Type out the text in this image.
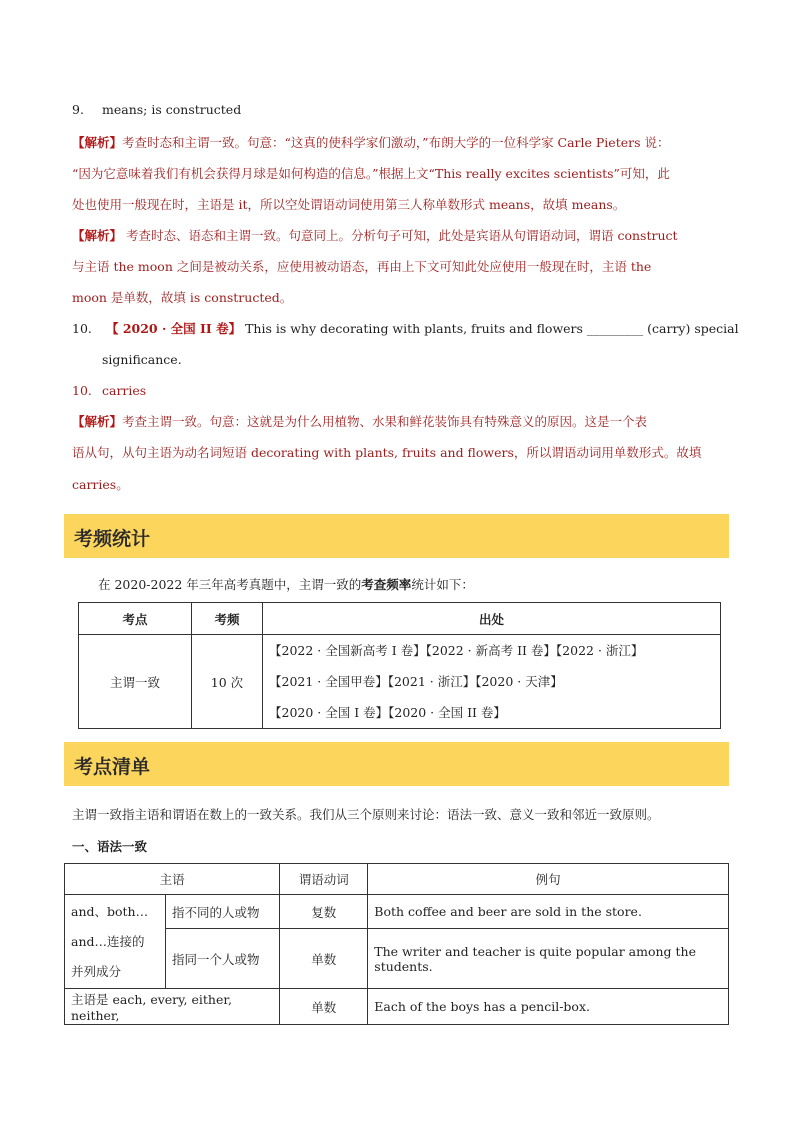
9. means; is constructed
【解析】考查时态和主谓一致。句意：“这真的使科学家们激动，”布朗大学的一位科学家 Carle Pieters 说：
“因为它意味着我们有机会获得月球是如何构造的信息。”根据上文“This really excites scientists”可知，此
处也使用一般现在时，主语是 it，所以空处谓语动词使用第三人称单数形式 means，故填 means。
【解析】 考查时态、语态和主谓一致。句意同上。分析句子可知，此处是宾语从句谓语动词，谓语 construct
与主语 the moon 之间是被动关系，应使用被动语态，再由上下文可知此处应使用一般现在时，主语 the
moon 是单数，故填 is constructed。
10. 【 2020 · 全国 II 卷】 This is why decorating with plants, fruits and flowers _________ (carry) special
significance.
10. carries
【解析】考查主谓一致。句意：这就是为什么用植物、水果和鲜花装饰具有特殊意义的原因。这是一个表
语从句，从句主语为动名词短语 decorating with plants, fruits and flowers，所以谓语动词用单数形式。故填
carries。
考频统计
在 2020-2022 年三年高考真题中，主谓一致的考查频率统计如下：
考点	考频	出处
主谓一致	10 次	【2022 · 全国新高考 I 卷】【2022 · 新高考 II 卷】【2022 · 浙江】
【2021 · 全国甲卷】【2021 · 浙江】【2020 · 天津】
【2020 · 全国 I 卷】【2020 · 全国 II 卷】
考点清单
主谓一致指主语和谓语在数上的一致关系。我们从三个原则来讨论：语法一致、意义一致和邻近一致原则。
一、语法一致
主语		谓语动词	例句

and、both…
and…连接的
并列成分	指不同的人或物	复数	Both coffee and beer are sold in the store.
	指同一个人或物	单数	The writer and teacher is quite popular among the students.
主语是 each, every, either, neither,		单数	Each of the boys has a pencil-box.
